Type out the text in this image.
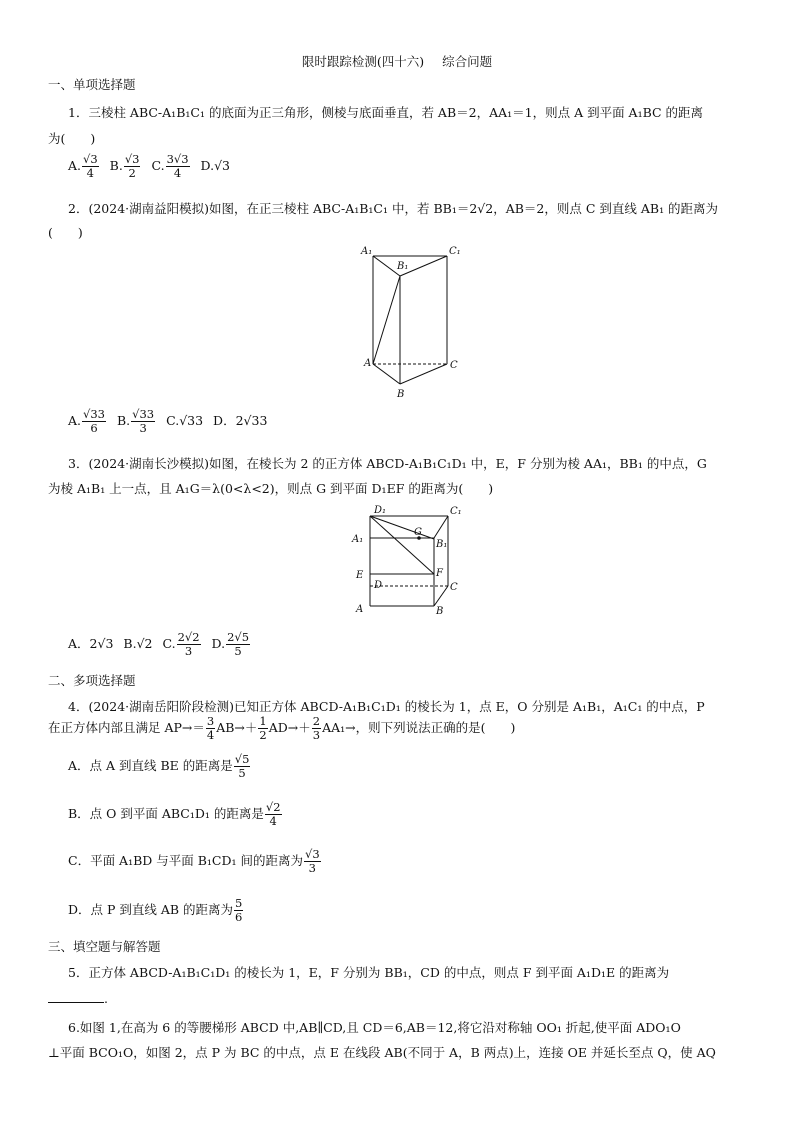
限时跟踪检测(四十六) 综合问题
一、单项选择题
1．三棱柱 ABC-A₁B₁C₁ 的底面为正三角形，侧棱与底面垂直，若 AB＝2，AA₁＝1，则点 A 到平面 A₁BC 的距离
为(　　)
A. $\frac{√3}{4} B$. $\frac{√3}{2} C$. $\frac{3√3}{4} D.√3$
2．(2024·湖南益阳模拟)如图，在正三棱柱 ABC-A₁B₁C₁ 中，若 BB₁＝2√2，AB＝2，则点 C 到直线 AB₁ 的距离为
(　　)
A₁
B₁
C₁
A
B
C
A. $\frac{√33}{6} B$. $\frac{√33}{3} C.√33$ D．2√33
3．(2024·湖南长沙模拟)如图，在棱长为 2 的正方体 ABCD-A₁B₁C₁D₁ 中，E，F 分别为棱 AA₁，BB₁ 的中点，G
为棱 A₁B₁ 上一点，且 A₁G＝λ(0<λ<2)，则点 G 到平面 D₁EF 的距离为(　　)
D₁	C₁
G
A₁	B₁
E	F
D	C
A	B
A．2√3 B.√2 C. $\frac{2√2}{3} D$. $\frac{2√5}{5}$
二、多项选择题
4．(2024·湖南岳阳阶段检测)已知正方体 ABCD-A₁B₁C₁D₁ 的棱长为 1，点 E，O 分别是 A₁B₁，A₁C₁ 的中点，P
在正方体内部且满足 $AP\to= \frac{3}{4} AB\to+ \frac{1}{2} AD\to+ \frac{2}{3} AA_1\to$，则下列说法正确的是(　　)
A．点 A 到直线 BE 的距离是 $\frac{√5}{5}$
B．点 O 到平面 ABC₁D₁ 的距离是 $\frac{√2}{4}$
C．平面 A₁BD 与平面 B₁CD₁ 间的距离为 $\frac{√3}{3}$
D．点 P 到直线 AB 的距离为 $\frac{5}{6}$
三、填空题与解答题
5．正方体 ABCD-A₁B₁C₁D₁ 的棱长为 1，E，F 分别为 BB₁，CD 的中点，则点 F 到平面 A₁D₁E 的距离为
.
6.如图 1,在高为 6 的等腰梯形 ABCD 中,AB∥CD,且 CD＝6,AB＝12,将它沿对称轴 OO₁ 折起,使平面 ADO₁O
⊥平面 BCO₁O，如图 2，点 P 为 BC 的中点，点 E 在线段 AB(不同于 A，B 两点)上，连接 OE 并延长至点 Q，使 AQ
